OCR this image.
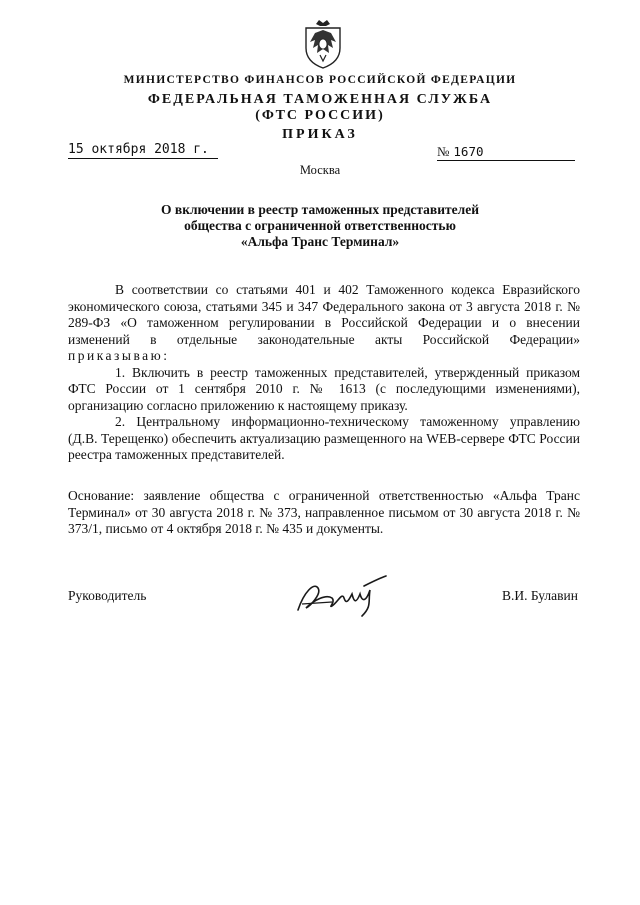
МИНИСТЕРСТВО ФИНАНСОВ РОССИЙСКОЙ ФЕДЕРАЦИИ
ФЕДЕРАЛЬНАЯ ТАМОЖЕННАЯ СЛУЖБА
(ФТС РОССИИ)
ПРИКАЗ
15 октября 2018 г.	№ 1670
Москва
О включении в реестр таможенных представителей
общества с ограниченной ответственностью
«Альфа Транс Терминал»

В соответствии со статьями 401 и 402 Таможенного кодекса Евразийского экономического союза, статьями 345 и 347 Федерального закона от 3 августа 2018 г. № 289-ФЗ «О таможенном регулировании в Российской Федерации и о внесении изменений в отдельные законодательные акты Российской Федерации» приказываю:

1. Включить в реестр таможенных представителей, утвержденный приказом ФТС России от 1 сентября 2010 г. № 1613 (с последующими изменениями), организацию согласно приложению к настоящему приказу.

2. Центральному информационно-техническому таможенному управлению (Д.В. Терещенко) обеспечить актуализацию размещенного на WEB-сервере ФТС России реестра таможенных представителей.

Основание: заявление общества с ограниченной ответственностью «Альфа Транс Терминал» от 30 августа 2018 г. № 373, направленное письмом от 30 августа 2018 г. № 373/1, письмо от 4 октября 2018 г. № 435 и документы.

Руководитель	В.И. Булавин
